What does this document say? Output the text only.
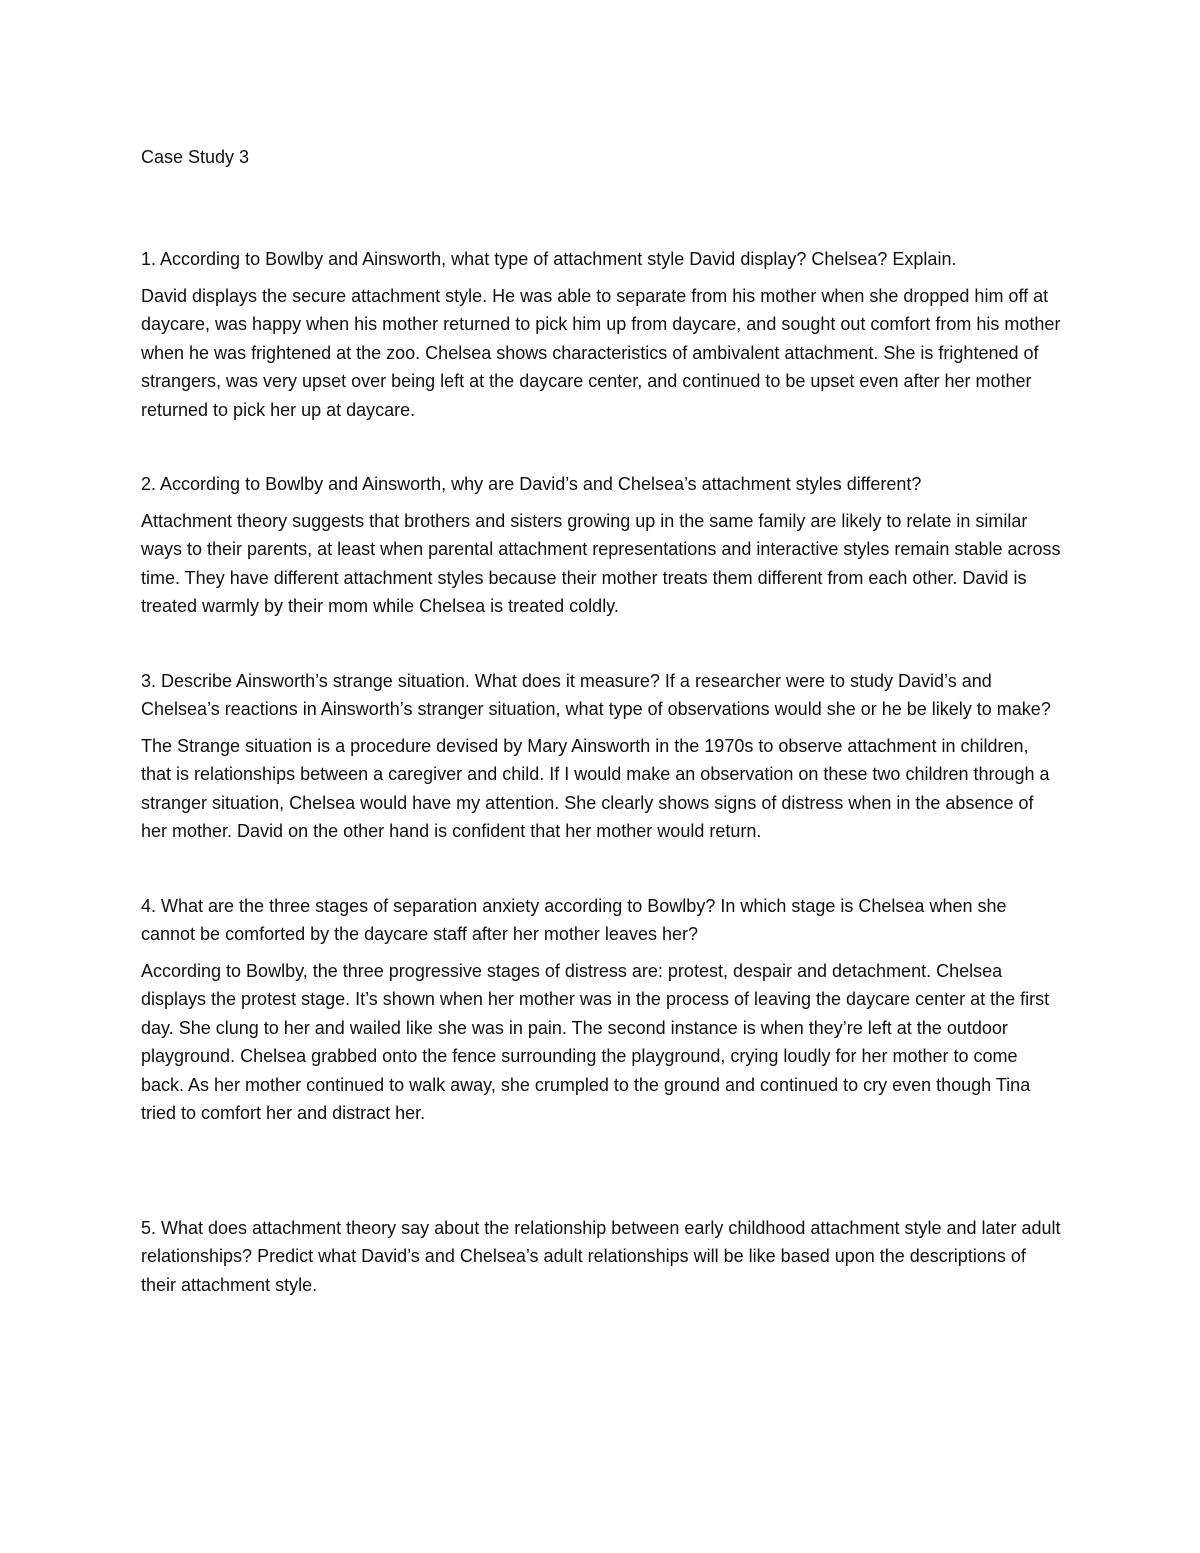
Case Study 3

1. According to Bowlby and Ainsworth, what type of attachment style David display? Chelsea? Explain.

David displays the secure attachment style. He was able to separate from his mother when she dropped him off at daycare, was happy when his mother returned to pick him up from daycare, and sought out comfort from his mother when he was frightened at the zoo. Chelsea shows characteristics of ambivalent attachment. She is frightened of strangers, was very upset over being left at the daycare center, and continued to be upset even after her mother returned to pick her up at daycare.

2. According to Bowlby and Ainsworth, why are David’s and Chelsea’s attachment styles different?

Attachment theory suggests that brothers and sisters growing up in the same family are likely to relate in similar ways to their parents, at least when parental attachment representations and interactive styles remain stable across time. They have different attachment styles because their mother treats them different from each other. David is treated warmly by their mom while Chelsea is treated coldly.

3. Describe Ainsworth’s strange situation. What does it measure? If a researcher were to study David’s and Chelsea’s reactions in Ainsworth’s stranger situation, what type of observations would she or he be likely to make?

The Strange situation is a procedure devised by Mary Ainsworth in the 1970s to observe attachment in children, that is relationships between a caregiver and child. If I would make an observation on these two children through a stranger situation, Chelsea would have my attention. She clearly shows signs of distress when in the absence of her mother. David on the other hand is confident that her mother would return.

4. What are the three stages of separation anxiety according to Bowlby? In which stage is Chelsea when she cannot be comforted by the daycare staff after her mother leaves her?

According to Bowlby, the three progressive stages of distress are: protest, despair and detachment. Chelsea displays the protest stage. It’s shown when her mother was in the process of leaving the daycare center at the first day. She clung to her and wailed like she was in pain. The second instance is when they’re left at the outdoor playground. Chelsea grabbed onto the fence surrounding the playground, crying loudly for her mother to come back. As her mother continued to walk away, she crumpled to the ground and continued to cry even though Tina tried to comfort her and distract her.

5. What does attachment theory say about the relationship between early childhood attachment style and later adult relationships? Predict what David’s and Chelsea’s adult relationships will be like based upon the descriptions of their attachment style.
